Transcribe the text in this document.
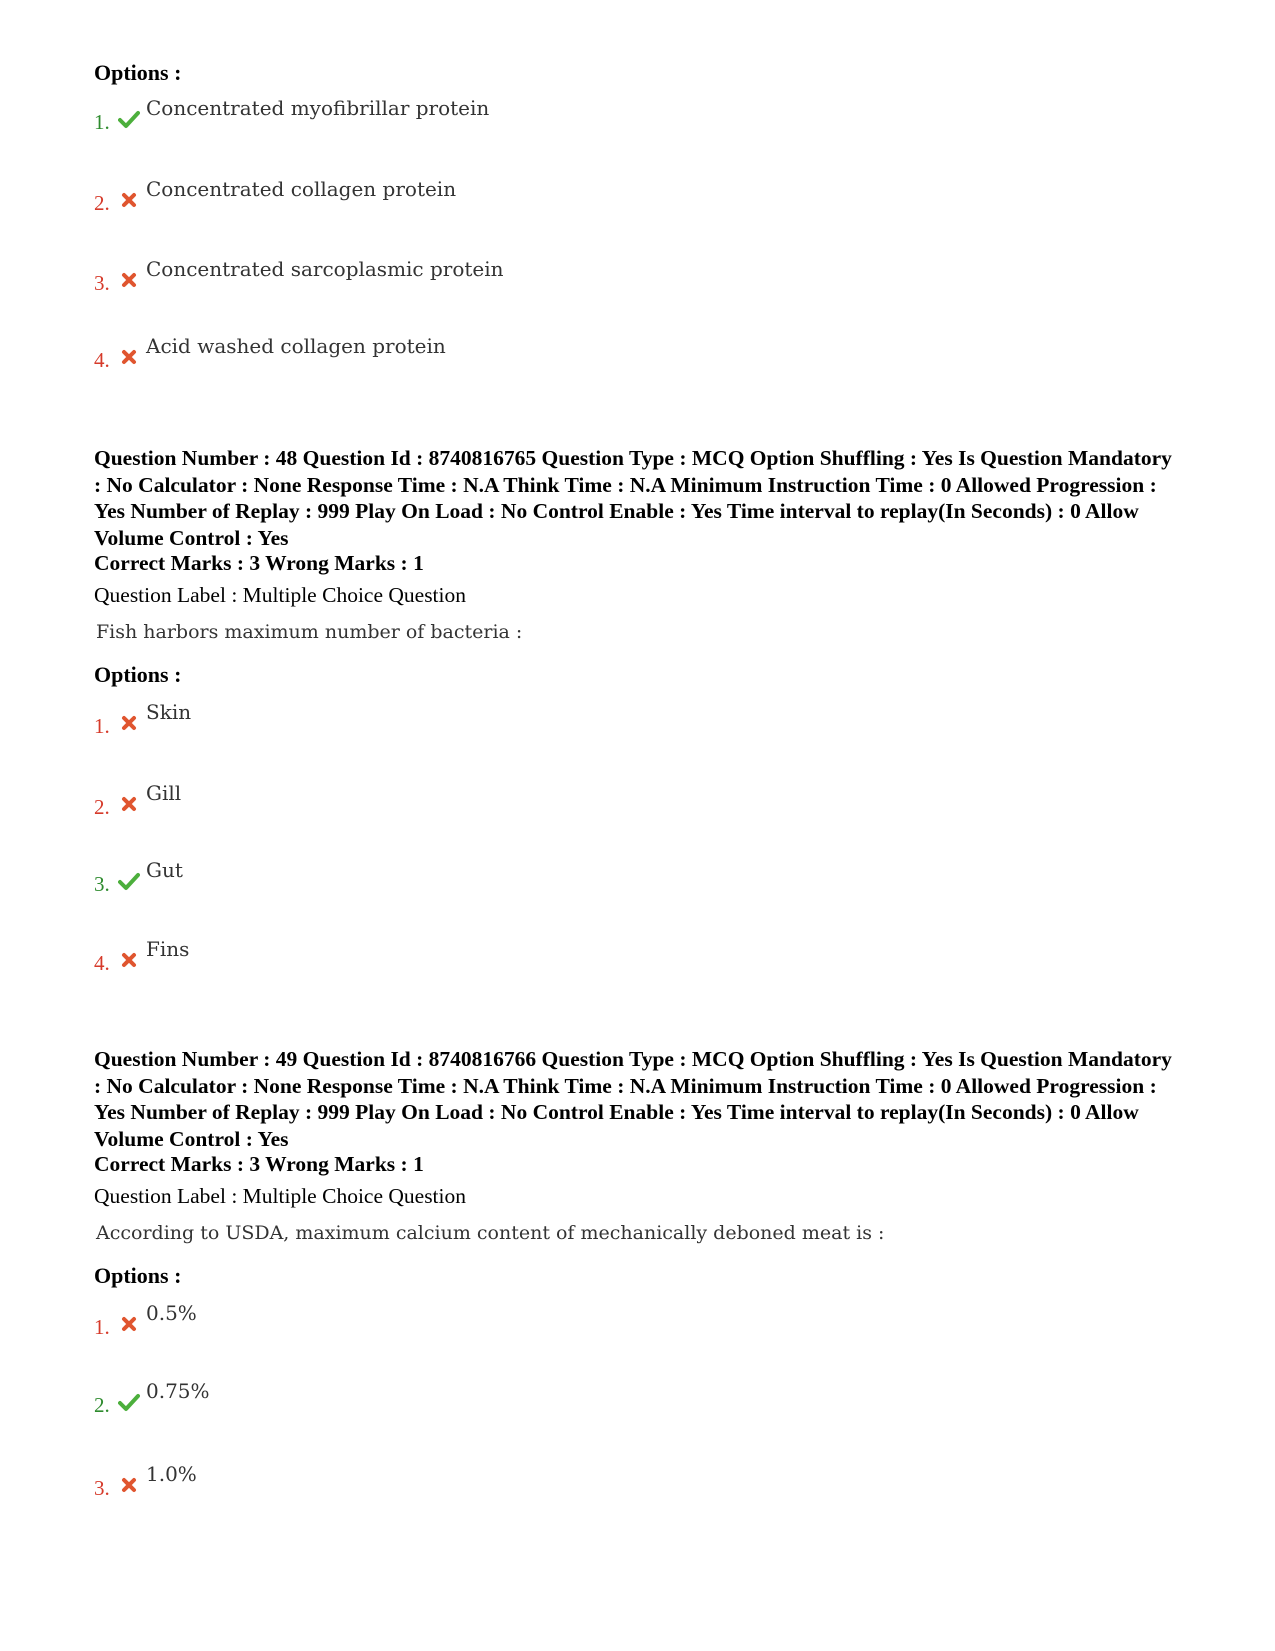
Options :
1.
Concentrated myofibrillar protein
2.
Concentrated collagen protein
3.
Concentrated sarcoplasmic protein
4.
Acid washed collagen protein
Question Number : 48 Question Id : 8740816765 Question Type : MCQ Option Shuffling : Yes Is Question Mandatory : No Calculator : None Response Time : N.A Think Time : N.A Minimum Instruction Time : 0 Allowed Progression : Yes Number of Replay : 999 Play On Load : No Control Enable : Yes Time interval to replay(In Seconds) : 0 Allow Volume Control : Yes
Correct Marks : 3 Wrong Marks : 1
Question Label : Multiple Choice Question
Fish harbors maximum number of bacteria :
Options :
1.
Skin
2.
Gill
3.
Gut
4.
Fins
Question Number : 49 Question Id : 8740816766 Question Type : MCQ Option Shuffling : Yes Is Question Mandatory : No Calculator : None Response Time : N.A Think Time : N.A Minimum Instruction Time : 0 Allowed Progression : Yes Number of Replay : 999 Play On Load : No Control Enable : Yes Time interval to replay(In Seconds) : 0 Allow Volume Control : Yes
Correct Marks : 3 Wrong Marks : 1
Question Label : Multiple Choice Question
According to USDA, maximum calcium content of mechanically deboned meat is :
Options :
1.
0.5%
2.
0.75%
3.
1.0%
